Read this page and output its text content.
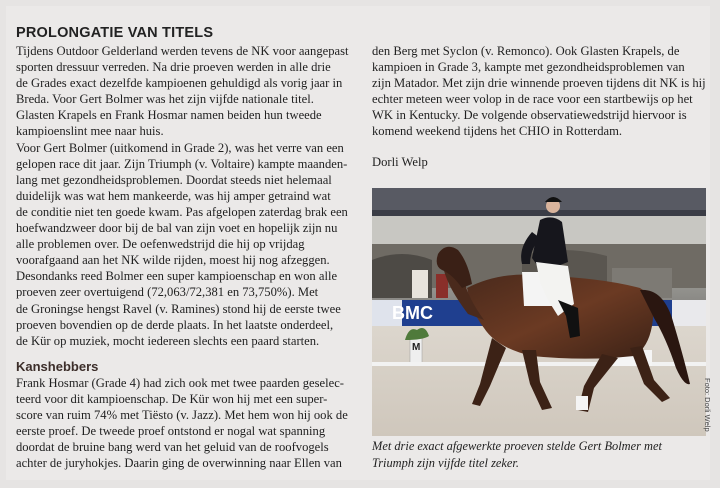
PROLONGATIE VAN TITELS

Tijdens Outdoor Gelderland werden tevens de NK voor aangepast

sporten dressuur verreden. Na drie proeven werden in alle drie

de Grades exact dezelfde kampioenen gehuldigd als vorig jaar in

Breda. Voor Gert Bolmer was het zijn vijfde nationale titel.

Glasten Krapels en Frank Hosmar namen beiden hun tweede

kampioenslint mee naar huis.

Voor Gert Bolmer (uitkomend in Grade 2), was het verre van een

gelopen race dit jaar. Zijn Triumph (v. Voltaire) kampte maanden-

lang met gezondheidsproblemen. Doordat steeds niet helemaal

duidelijk was wat hem mankeerde, was hij amper getraind wat

de conditie niet ten goede kwam. Pas afgelopen zaterdag brak een

hoefwandzweer door bij de bal van zijn voet en hopelijk zijn nu

alle problemen over. De oefenwedstrijd die hij op vrijdag

voorafgaand aan het NK wilde rijden, moest hij nog afzeggen.

Desondanks reed Bolmer een super kampioenschap en won alle

proeven zeer overtuigend (72,063/72,381 en 73,750%). Met

de Groningse hengst Ravel (v. Ramines) stond hij de eerste twee

proeven bovendien op de derde plaats. In het laatste onderdeel,

de Kür op muziek, mocht iedereen slechts een paard starten.

Kanshebbers

Frank Hosmar (Grade 4) had zich ook met twee paarden geselec-

teerd voor dit kampioenschap. De Kür won hij met een super-

score van ruim 74% met Tiësto (v. Jazz). Met hem won hij ook de

eerste proef. De tweede proef ontstond er nogal wat spanning

doordat de bruine bang werd van het geluid van de roofvogels

achter de juryhokjes. Daarin ging de overwinning naar Ellen van

den Berg met Syclon (v. Remonco). Ook Glasten Krapels, de

kampioen in Grade 3, kampte met gezondheidsproblemen van

zijn Matador. Met zijn drie winnende proeven tijdens dit NK is hij

echter meteen weer volop in de race voor een startbewijs op het

WK in Kentucky. De volgende observatiewedstrijd hiervoor is

komend weekend tijdens het CHIO in Rotterdam.

Dorli Welp
BMC
M

Met drie exact afgewerkte proeven stelde Gert Bolmer met

Triumph zijn vijfde titel zeker.

Foto: Dorli Welp
